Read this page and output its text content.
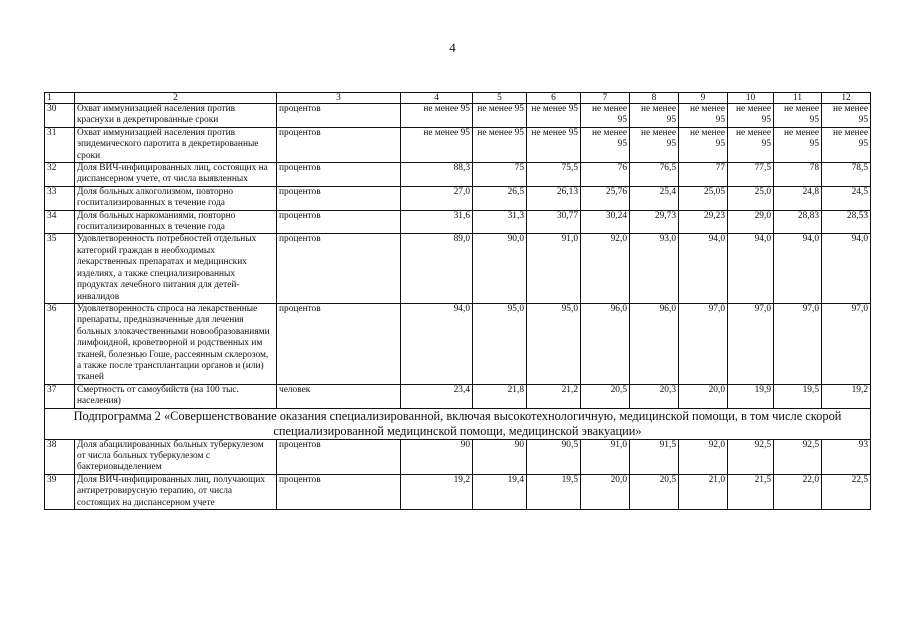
4
1	2	3	4	5	6	7	8	9	10	11	12
30	Охват иммунизацией населения против краснухи в декретированные сроки	процентов	не менее 95	не менее 95	не менее 95	не менее 95	не менее 95	не менее 95	не менее 95	не менее 95	не менее 95
31	Охват иммунизацией населения против эпидемического паротита в декретированные сроки	процентов	не менее 95	не менее 95	не менее 95	не менее 95	не менее 95	не менее 95	не менее 95	не менее 95	не менее 95
32	Доля ВИЧ-инфицированных лиц, состоящих на диспансерном учете, от числа выявленных	процентов	88,3	75	75,5	76	76,5	77	77,5	78	78,5
33	Доля больных алкоголизмом, повторно госпитализированных в течение года	процентов	27,0	26,5	26,13	25,76	25,4	25,05	25,0	24,8	24,5
34	Доля больных наркоманиями, повторно госпитализированных в течение года	процентов	31,6	31,3	30,77	30,24	29,73	29,23	29,0	28,83	28,53
35	Удовлетворенность потребностей отдельных категорий граждан в необходимых лекарственных препаратах и медицинских изделиях, а также специализированных продуктах лечебного питания для детей-инвалидов	процентов	89,0	90,0	91,0	92,0	93,0	94,0	94,0	94,0	94,0
36	Удовлетворенность спроса на лекарственные препараты, предназначенные для лечения больных злокачественными новообразованиями лимфоидной, кроветворной и родственных им тканей, болезнью Гоше, рассеянным склерозом, а также после трансплантации органов и (или) тканей	процентов	94,0	95,0	95,0	96,0	96,0	97,0	97,0	97,0	97,0
37	Смертность от самоубийств (на 100 тыс. населения)	человек	23,4	21,8	21,2	20,5	20,3	20,0	19,9	19,5	19,2
Подпрограмма 2 «Совершенствование оказания специализированной, включая высокотехнологичную, медицинской помощи, в том числе скорой специализированной медицинской помощи, медицинской эвакуации»											
38	Доля абацилированных больных туберкулезом от числа больных туберкулезом с бактериовыделением	процентов	90	90	90,5	91,0	91,5	92,0	92,5	92,5	93
39	Доля ВИЧ-инфицированных лиц, получающих антиретровирусную терапию, от числа состоящих на диспансерном учете	процентов	19,2	19,4	19,5	20,0	20,5	21,0	21,5	22,0	22,5
